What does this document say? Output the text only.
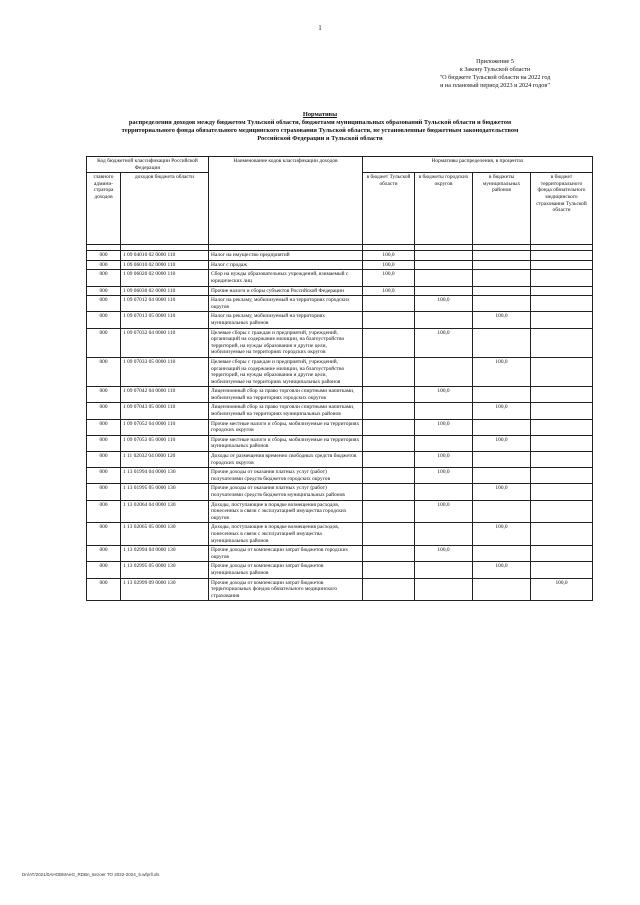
1
Приложение 5
к Закону Тульской области
"О бюджете Тульской области на 2022 год
и на плановый период 2023 и 2024 годов"
Нормативы
распределения доходов между бюджетом Тульской области, бюджетами муниципальных образований Тульской области и бюджетом территориального фонда обязательного медицинского страхования Тульской области, не установленные бюджетным законодательством Российской Федерации и Тульской области
Код бюджетной классификации Российской Федерации		Наименование кодов классификации доходов	Нормативы распределения, в процентах			
главного админи-стратора доходов	доходов бюджета области		в бюджет Тульской области	в бюджеты городских округов	в бюджеты муниципальных районов	в бюджет территориального фонда обязательного медицинского страхования Тульской области

000	1 09 04010 02 0000 110	Налог на имущество предприятий	100,0			
000	1 09 06010 02 0000 110	Налог с продаж	100,0			
000	1 09 06020 02 0000 110	Сбор на нужды образовательных учреждений, взимаемый с юридических лиц	100,0			
000	1 09 06030 02 0000 110	Прочие налоги и сборы субъектов Российской Федерации	100,0			
000	1 09 07012 04 0000 110	Налог на рекламу, мобилизуемый на территориях городских округов		100,0		
000	1 09 07013 05 0000 110	Налог на рекламу, мобилизуемый на территориях муниципальных районов			100,0	
000	1 09 07032 04 0000 110	Целевые сборы с граждан и предприятий, учреждений, организаций на содержание милиции, на благоустройство территорий, на нужды образования и другие цели, мобилизуемые на территориях городских округов		100,0		
000	1 09 07033 05 0000 110	Целевые сборы с граждан и предприятий, учреждений, организаций на содержание милиции, на благоустройство территорий, на нужды образования и другие цели, мобилизуемые на территориях муниципальных районов			100,0	
000	1 09 07042 04 0000 110	Лицензионный сбор за право торговли спиртными напитками, мобилизуемый на территориях городских округов		100,0		
000	1 09 07043 05 0000 110	Лицензионный сбор за право торговли спиртными напитками, мобилизуемый на территориях муниципальных районов			100,0	
000	1 09 07052 04 0000 110	Прочие местные налоги и сборы, мобилизуемые на территориях городских округов		100,0		
000	1 09 07053 05 0000 110	Прочие местные налоги и сборы, мобилизуемые на территориях муниципальных районов			100,0	
000	1 11 02032 04 0000 120	Доходы от размещения временно свободных средств бюджетов городских округов		100,0		
000	1 13 01994 04 0000 130	Прочие доходы от оказания платных услуг (работ) получателями средств бюджетов городских округов		100,0		
000	1 13 01995 05 0000 130	Прочие доходы от оказания платных услуг (работ) получателями средств бюджетов муниципальных районов			100,0	
000	1 13 02064 04 0000 130	Доходы, поступающие в порядке возмещения расходов, понесенных в связи с эксплуатацией имущества городских округов		100,0		
000	1 13 02065 05 0000 130	Доходы, поступающие в порядке возмещения расходов, понесенных в связи с эксплуатацией имущества муниципальных районов			100,0	
000	1 13 02994 04 0000 130	Прочие доходы от компенсации затрат бюджетов городских округов		100,0		
000	1 13 02995 05 0000 130	Прочие доходы от компенсации затрат бюджетов муниципальных районов			100,0	
000	1 13 02999 09 0000 130	Прочие доходы от компенсации затрат бюджетов территориальных фондов обязательного медицинского страхования				100,0
Dn/AT/2021/0AHOBMAeG_RDBn_6ezoer TO 2022-2024_5.wfprll.xls
